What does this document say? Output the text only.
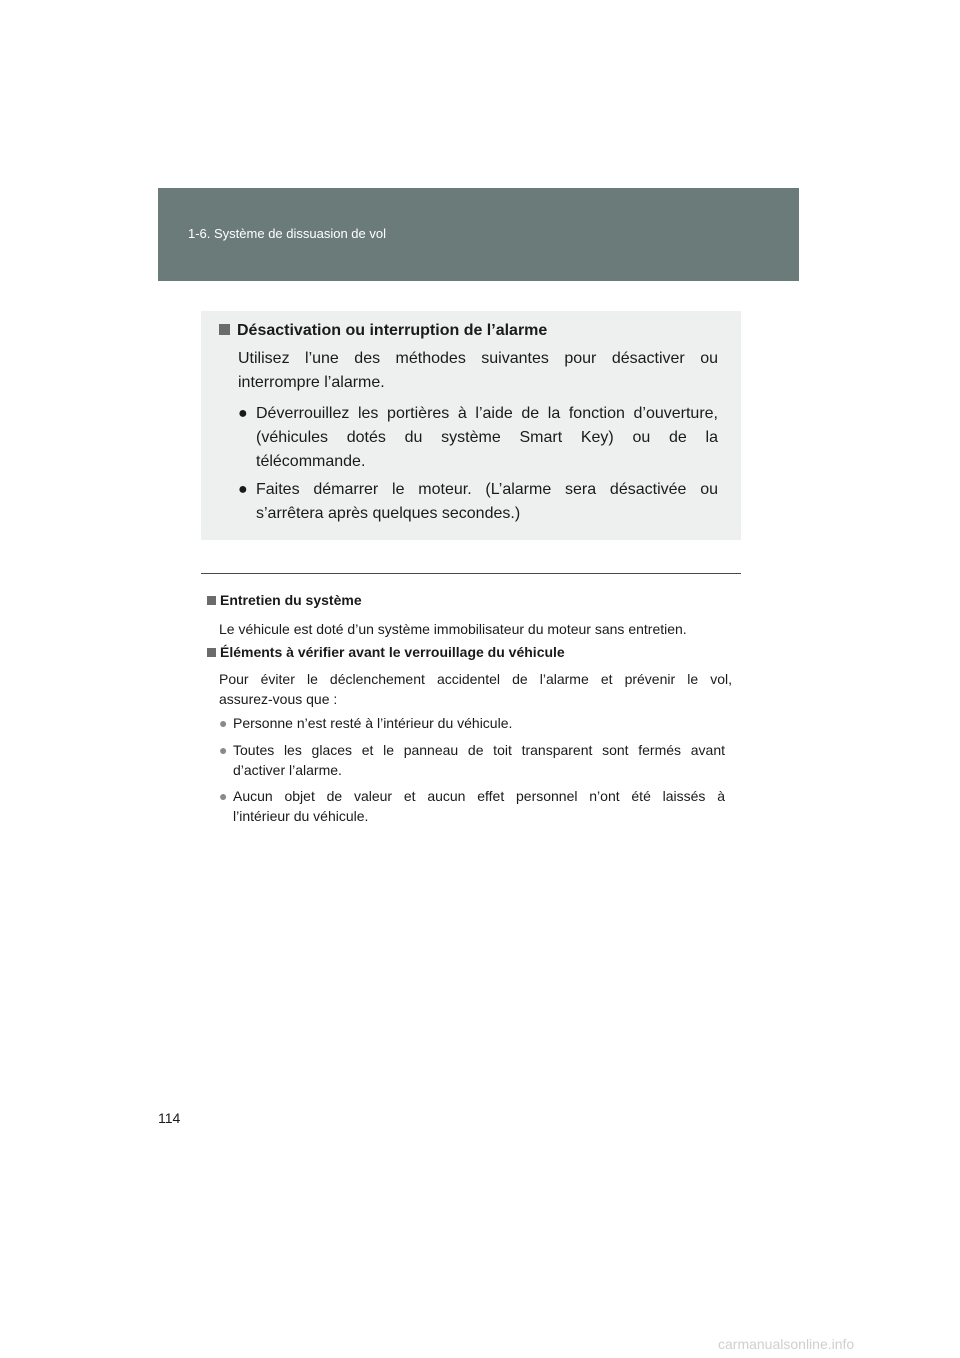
1-6. Système de dissuasion de vol
Désactivation ou interruption de l’alarme
Utilisez l’une des méthodes suivantes pour désactiver ou
interrompre l’alarme.
● Déverrouillez les portières à l’aide de la fonction d’ouverture,
(véhicules dotés du système Smart Key) ou de la
télécommande.
● Faites démarrer le moteur. (L’alarme sera désactivée ou
s’arrêtera après quelques secondes.)
Entretien du système
Le véhicule est doté d’un système immobilisateur du moteur sans entretien.
Éléments à vérifier avant le verrouillage du véhicule
Pour éviter le déclenchement accidentel de l’alarme et prévenir le vol,
assurez-vous que :
● Personne n’est resté à l’intérieur du véhicule.
● Toutes les glaces et le panneau de toit transparent sont fermés avant
d’activer l’alarme.
● Aucun objet de valeur et aucun effet personnel n’ont été laissés à
l’intérieur du véhicule.
114
carmanualsonline.info
